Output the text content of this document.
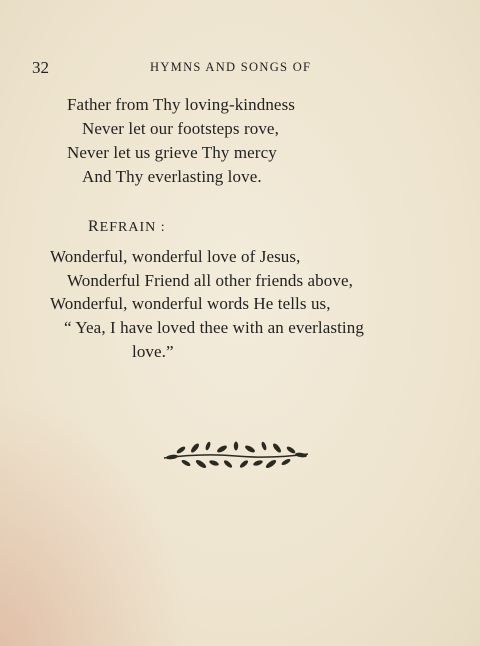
32	HYMNS AND SONGS OF
Father from Thy loving-kindness
Never let our footsteps rove,
Never let us grieve Thy mercy
And Thy everlasting love.
REFRAIN :
Wonderful, wonderful love of Jesus,
Wonderful Friend all other friends above,
Wonderful, wonderful words He tells us,
“ Yea, I have loved thee with an everlasting
love.”
